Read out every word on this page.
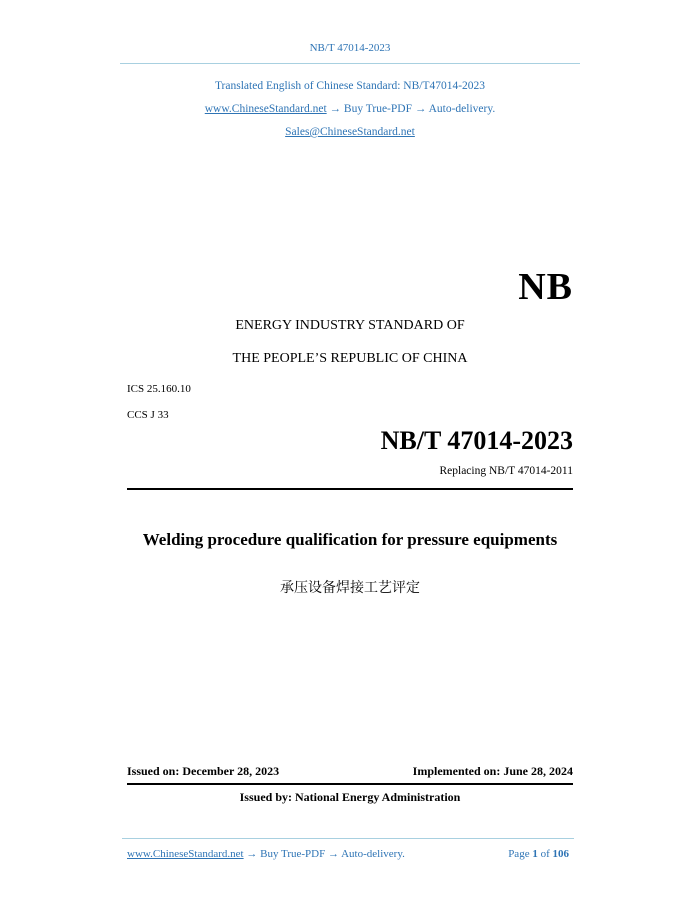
NB/T 47014-2023
Translated English of Chinese Standard: NB/T47014-2023
www.ChineseStandard.net → Buy True-PDF → Auto-delivery.
Sales@ChineseStandard.net
NB
ENERGY INDUSTRY STANDARD OF
THE PEOPLE’S REPUBLIC OF CHINA
ICS 25.160.10
CCS J 33
NB/T 47014-2023
Replacing NB/T 47014-2011
Welding procedure qualification for pressure equipments
承压设备焊接工艺评定
Issued on: December 28, 2023	Implemented on: June 28, 2024
Issued by: National Energy Administration
www.ChineseStandard.net → Buy True-PDF → Auto-delivery.	Page 1 of 106
